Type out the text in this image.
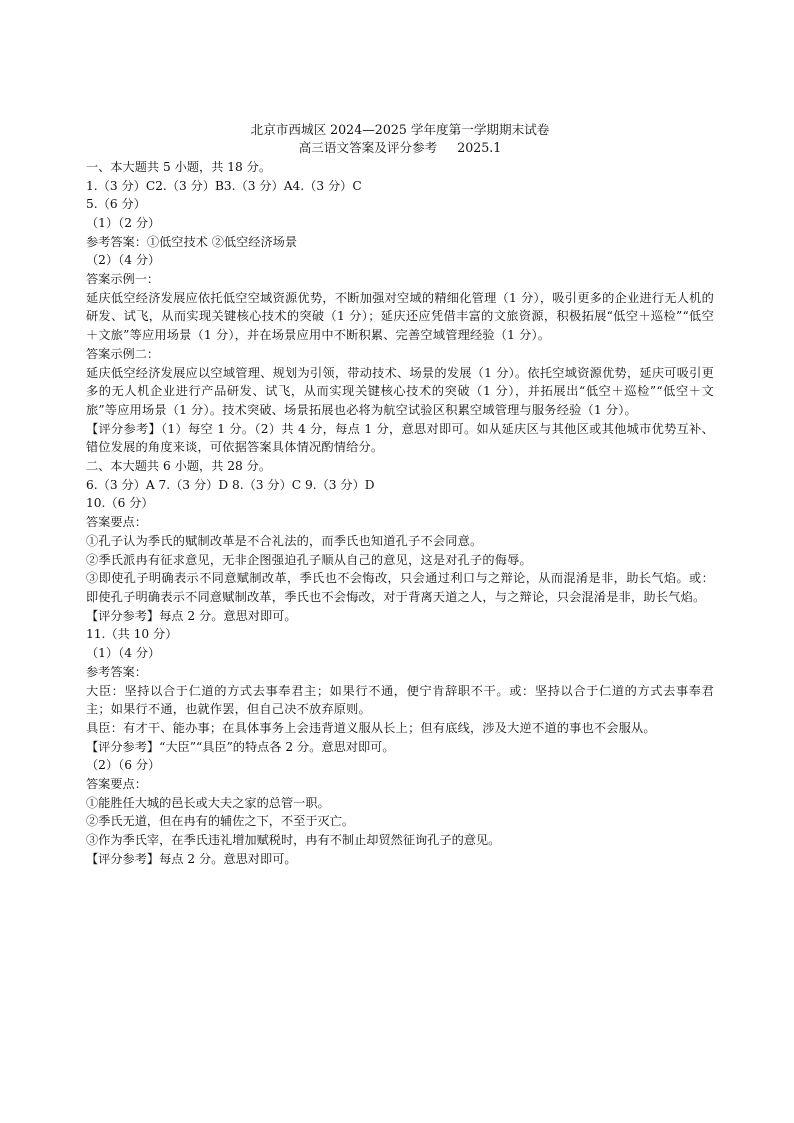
北京市西城区 2024—2025 学年度第一学期期末试卷

高三语文答案及评分参考 2025.1

一、本大题共 5 小题，共 18 分。

1.（3 分）C2.（3 分）B3.（3 分）A4.（3 分）C

5.（6 分）

（1）（2 分）

参考答案：①低空技术 ②低空经济场景

（2）（4 分）

答案示例一：

延庆低空经济发展应依托低空空域资源优势，不断加强对空域的精细化管理（1 分），吸引更多的企业进行无人机的研发、试飞，从而实现关键核心技术的突破（1 分）；延庆还应凭借丰富的文旅资源，积极拓展“低空＋巡检”“低空＋文旅”等应用场景（1 分），并在场景应用中不断积累、完善空域管理经验（1 分）。

答案示例二：

延庆低空经济发展应以空域管理、规划为引领，带动技术、场景的发展（1 分）。依托空域资源优势，延庆可吸引更多的无人机企业进行产品研发、试飞，从而实现关键核心技术的突破（1 分），并拓展出“低空＋巡检”“低空＋文旅”等应用场景（1 分）。技术突破、场景拓展也必将为航空试验区积累空域管理与服务经验（1 分）。

【评分参考】（1）每空 1 分。（2）共 4 分，每点 1 分，意思对即可。如从延庆区与其他区或其他城市优势互补、错位发展的角度来谈，可依据答案具体情况酌情给分。

二、本大题共 6 小题，共 28 分。

6.（3 分）A 7.（3 分）D 8.（3 分）C 9.（3 分）D

10.（6 分）

答案要点：

①孔子认为季氏的赋制改革是不合礼法的，而季氏也知道孔子不会同意。

②季氏派冉有征求意见，无非企图强迫孔子顺从自己的意见，这是对孔子的侮辱。

③即使孔子明确表示不同意赋制改革，季氏也不会悔改，只会通过利口与之辩论，从而混淆是非，助长气焰。或：即使孔子明确表示不同意赋制改革，季氏也不会悔改，对于背离天道之人，与之辩论，只会混淆是非，助长气焰。

【评分参考】每点 2 分。意思对即可。

11.（共 10 分）

（1）（4 分）

参考答案：

大臣：坚持以合于仁道的方式去事奉君主；如果行不通，便宁肯辞职不干。或：坚持以合于仁道的方式去事奉君主；如果行不通，也就作罢，但自己决不放弃原则。

具臣：有才干、能办事；在具体事务上会违背道义服从长上；但有底线，涉及大逆不道的事也不会服从。

【评分参考】“大臣”“具臣”的特点各 2 分。意思对即可。

（2）（6 分）

答案要点：

①能胜任大城的邑长或大夫之家的总管一职。

②季氏无道，但在冉有的辅佐之下，不至于灭亡。

③作为季氏宰，在季氏违礼增加赋税时，冉有不制止却贸然征询孔子的意见。

【评分参考】每点 2 分。意思对即可。
